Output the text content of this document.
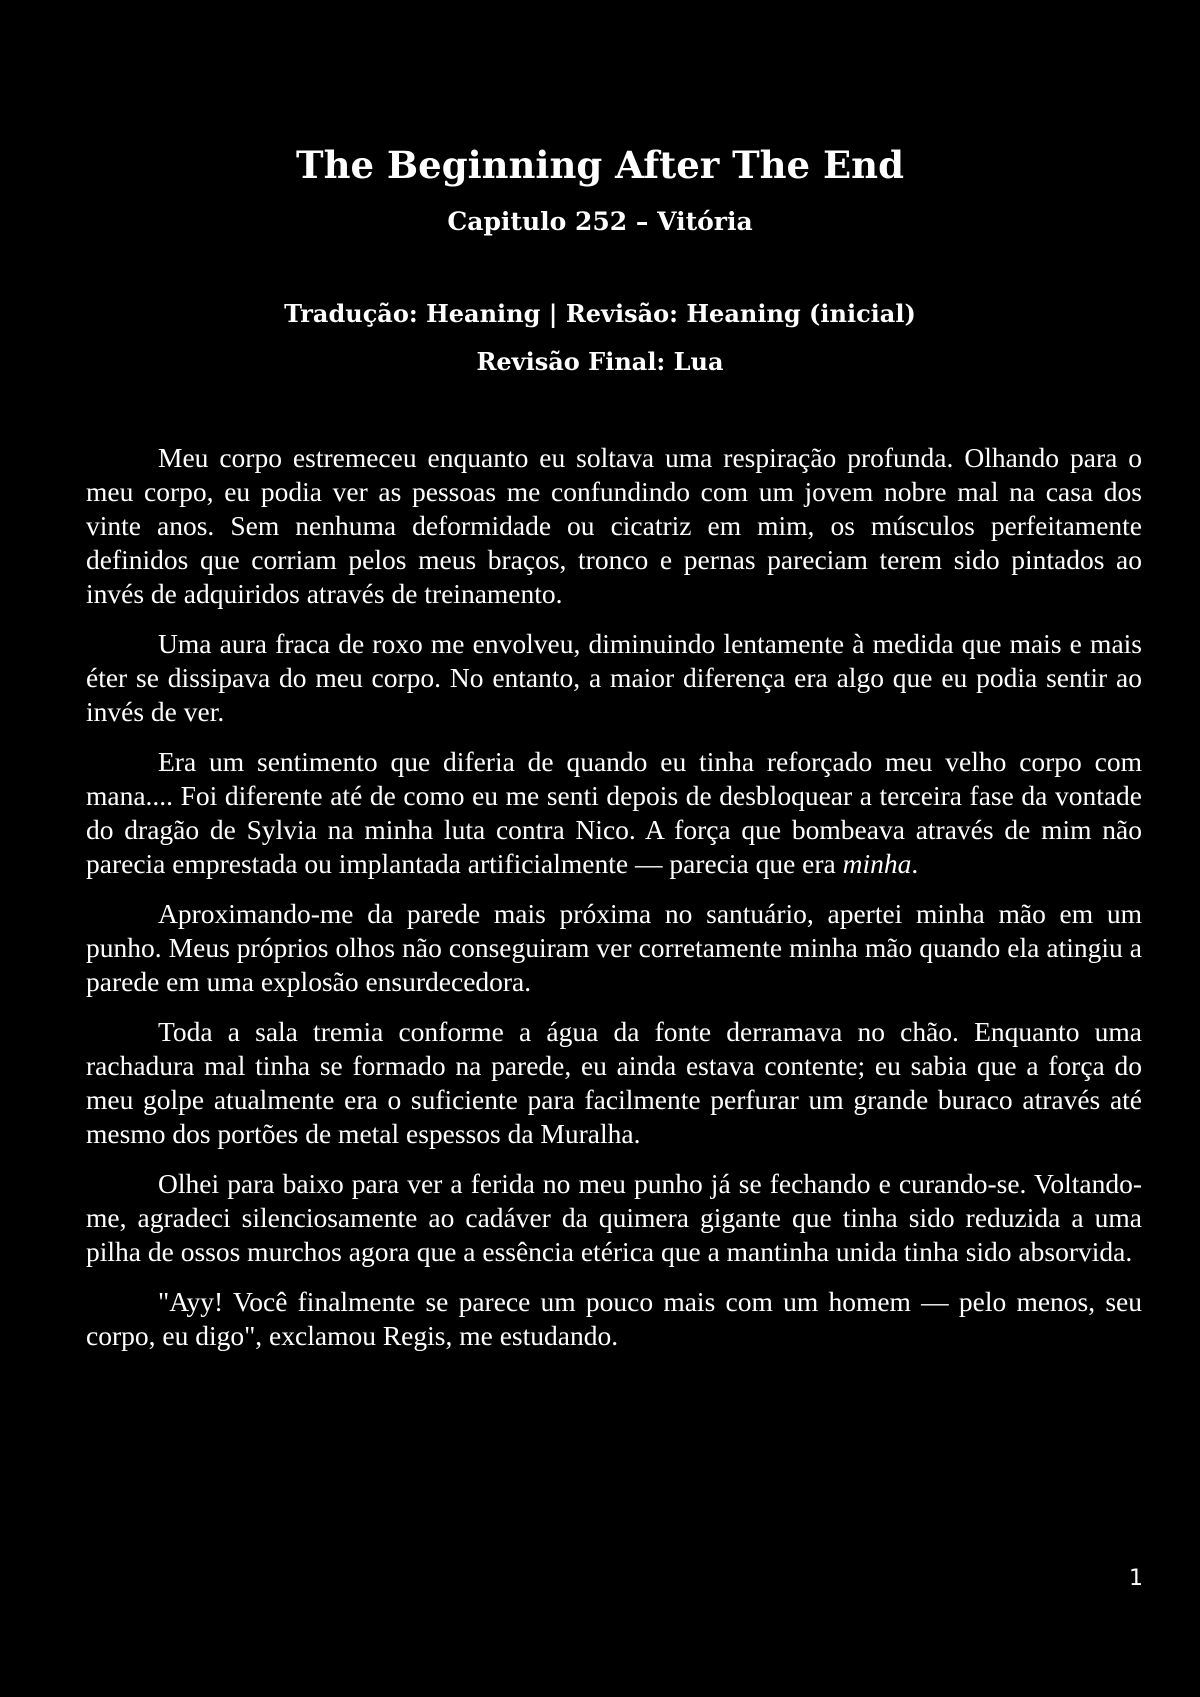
The Beginning After The End
Capitulo 252 – Vitória
Tradução: Heaning | Revisão: Heaning (inicial)
Revisão Final: Lua

Meu corpo estremeceu enquanto eu soltava uma respiração profunda. Olhando para o meu corpo, eu podia ver as pessoas me confundindo com um jovem nobre mal na casa dos vinte anos. Sem nenhuma deformidade ou cicatriz em mim, os músculos perfeitamente definidos que corriam pelos meus braços, tronco e pernas pareciam terem sido pintados ao invés de adquiridos através de treinamento.

Uma aura fraca de roxo me envolveu, diminuindo lentamente à medida que mais e mais éter se dissipava do meu corpo. No entanto, a maior diferença era algo que eu podia sentir ao invés de ver.

Era um sentimento que diferia de quando eu tinha reforçado meu velho corpo com mana.... Foi diferente até de como eu me senti depois de desbloquear a terceira fase da vontade do dragão de Sylvia na minha luta contra Nico. A força que bombeava através de mim não parecia emprestada ou implantada artificialmente — parecia que era minha.

Aproximando-me da parede mais próxima no santuário, apertei minha mão em um punho. Meus próprios olhos não conseguiram ver corretamente minha mão quando ela atingiu a parede em uma explosão ensurdecedora.

Toda a sala tremia conforme a água da fonte derramava no chão. Enquanto uma rachadura mal tinha se formado na parede, eu ainda estava contente; eu sabia que a força do meu golpe atualmente era o suficiente para facilmente perfurar um grande buraco através até mesmo dos portões de metal espessos da Muralha.

Olhei para baixo para ver a ferida no meu punho já se fechando e curando-se. Voltando-me, agradeci silenciosamente ao cadáver da quimera gigante que tinha sido reduzida a uma pilha de ossos murchos agora que a essência etérica que a mantinha unida tinha sido absorvida.

"Ayy! Você finalmente se parece um pouco mais com um homem — pelo menos, seu corpo, eu digo", exclamou Regis, me estudando.

1
